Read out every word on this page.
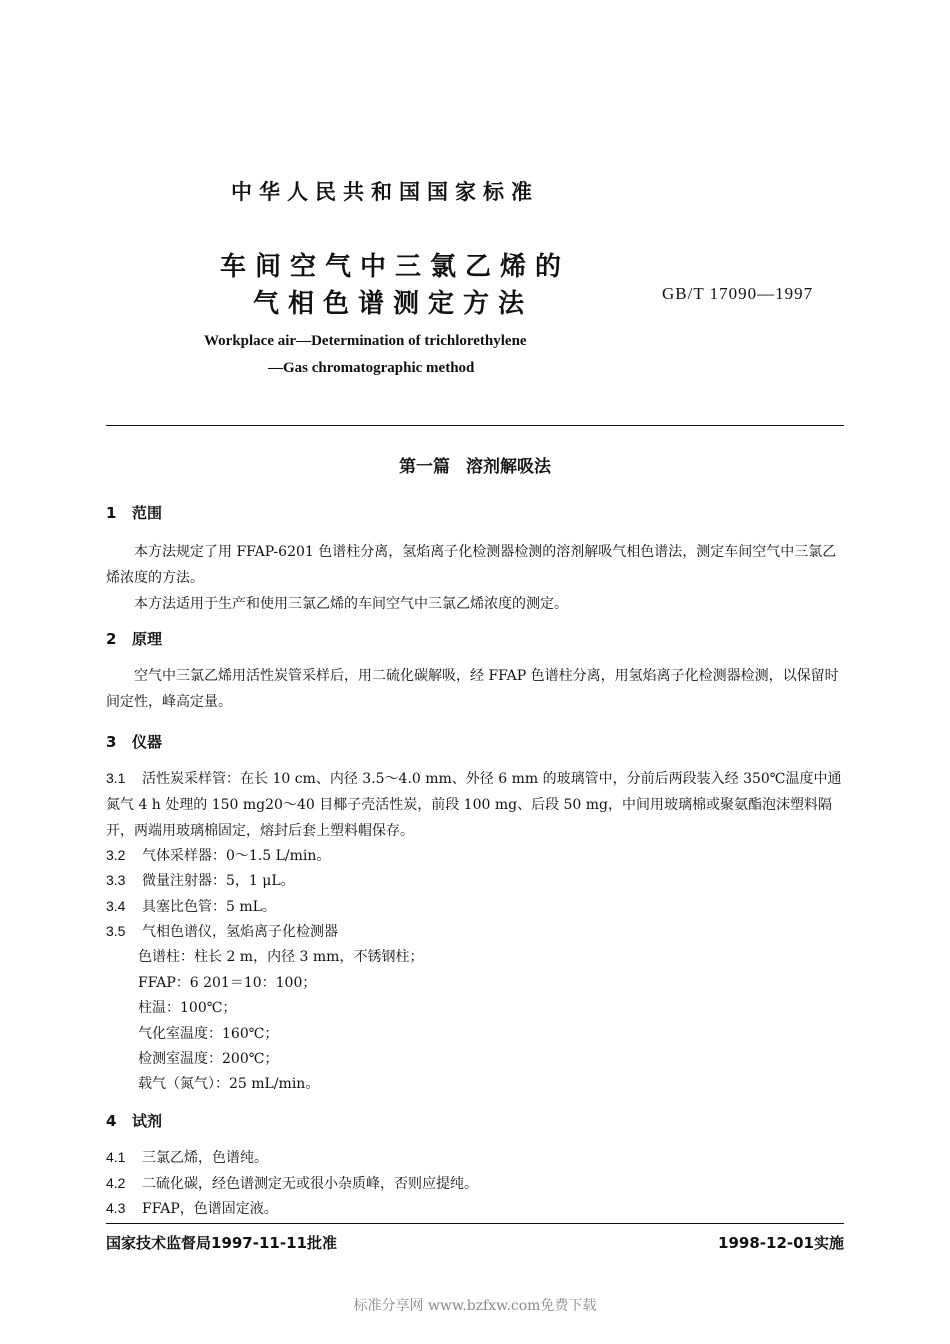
中华人民共和国国家标准
车间空气中三氯乙烯的
气相色谱测定方法	GB/T 17090—1997
Workplace air—Determination of trichlorethylene
—Gas chromatographic method
第一篇 溶剂解吸法
1 范围
本方法规定了用 FFAP-6201 色谱柱分离，氢焰离子化检测器检测的溶剂解吸气相色谱法，测定车间空气中三氯乙烯浓度的方法。
本方法适用于生产和使用三氯乙烯的车间空气中三氯乙烯浓度的测定。
2 原理
空气中三氯乙烯用活性炭管采样后，用二硫化碳解吸，经 FFAP 色谱柱分离，用氢焰离子化检测器检测，以保留时间定性，峰高定量。
3 仪器
3.1 活性炭采样管：在长 10 cm、内径 3.5～4.0 mm、外径 6 mm 的玻璃管中，分前后两段装入经 350℃温度中通氮气 4 h 处理的 150 mg20～40 目椰子壳活性炭，前段 100 mg、后段 50 mg，中间用玻璃棉或聚氨酯泡沫塑料隔开，两端用玻璃棉固定，熔封后套上塑料帽保存。
3.2 气体采样器：0～1.5 L/min。
3.3 微量注射器：5，1 μL。
3.4 具塞比色管：5 mL。
3.5 气相色谱仪，氢焰离子化检测器
色谱柱：柱长 2 m，内径 3 mm，不锈钢柱；
FFAP：6 201＝10：100；
柱温：100℃；
气化室温度：160℃；
检测室温度：200℃；
载气（氮气）：25 mL/min。
4 试剂
4.1 三氯乙烯，色谱纯。
4.2 二硫化碳，经色谱测定无或很小杂质峰，否则应提纯。
4.3 FFAP，色谱固定液。
国家技术监督局1997-11-11批准	1998-12-01实施
标准分享网 www.bzfxw.com免费下载
